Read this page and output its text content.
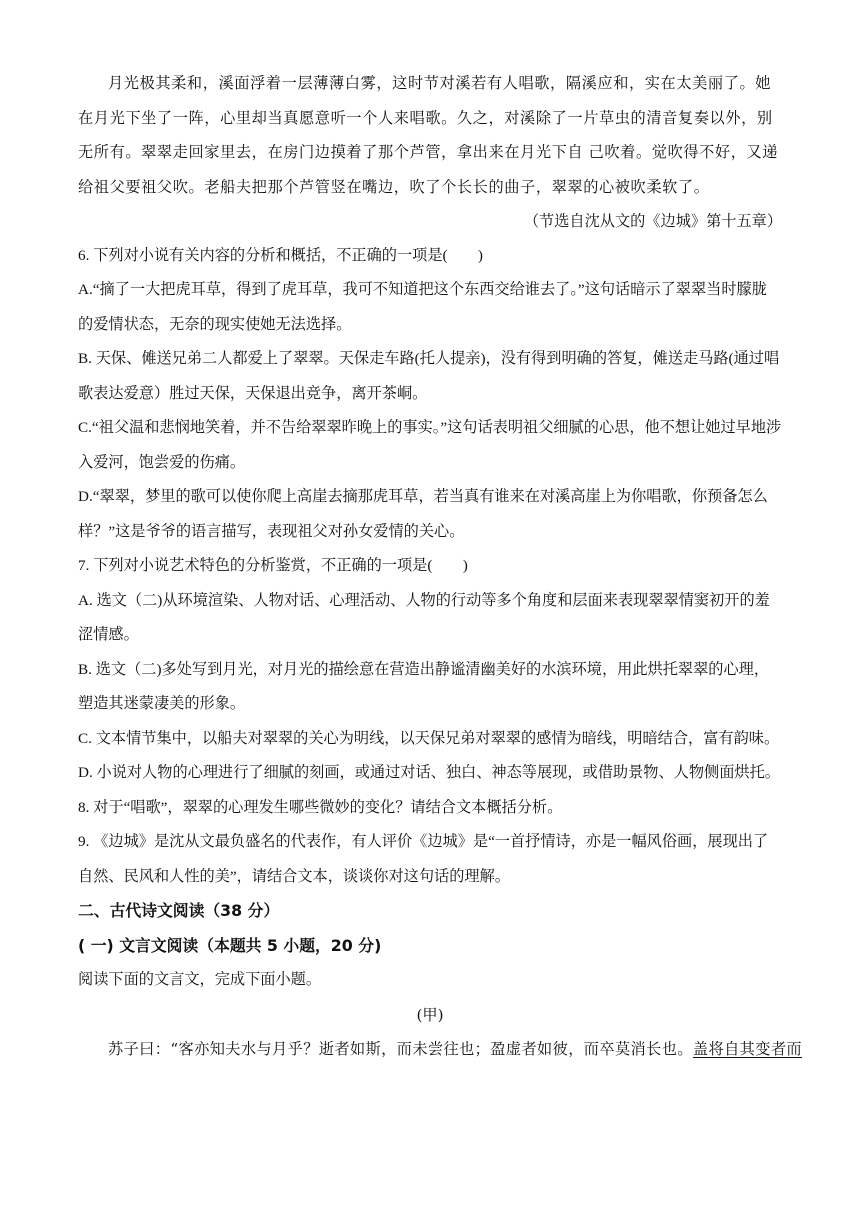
月光极其柔和，溪面浮着一层薄薄白雾，这时节对溪若有人唱歌，隔溪应和，实在太美丽了。她在月光下坐了一阵，心里却当真愿意听一个人来唱歌。久之，对溪除了一片草虫的清音复奏以外，别无所有。翠翠走回家里去，在房门边摸着了那个芦管，拿出来在月光下自 己吹着。觉吹得不好，又递给祖父要祖父吹。老船夫把那个芦管竖在嘴边，吹了个长长的曲子，翠翠的心被吹柔软了。

（节选自沈从文的《边城》第十五章）

6. 下列对小说有关内容的分析和概括，不正确的一项是(　　)

A.“摘了一大把虎耳草，得到了虎耳草，我可不知道把这个东西交给谁去了。”这句话暗示了翠翠当时朦胧的爱情状态，无奈的现实使她无法选择。

B. 天保、傩送兄弟二人都爱上了翠翠。天保走车路(托人提亲)，没有得到明确的答复，傩送走马路(通过唱歌表达爱意）胜过天保，天保退出竞争，离开茶峒。

C.“祖父温和悲悯地笑着，并不告给翠翠昨晚上的事实。”这句话表明祖父细腻的心思，他不想让她过早地涉入爱河，饱尝爱的伤痛。

D.“翠翠，梦里的歌可以使你爬上高崖去摘那虎耳草，若当真有谁来在对溪高崖上为你唱歌，你预备怎么样？”这是爷爷的语言描写，表现祖父对孙女爱情的关心。

7. 下列对小说艺术特色的分析鉴赏，不正确的一项是(　　)

A. 选文（二)从环境渲染、人物对话、心理活动、人物的行动等多个角度和层面来表现翠翠情窦初开的羞涩情感。

B. 选文（二)多处写到月光，对月光的描绘意在营造出静谧清幽美好的水滨环境，用此烘托翠翠的心理，塑造其迷蒙凄美的形象。

C. 文本情节集中，以船夫对翠翠的关心为明线，以天保兄弟对翠翠的感情为暗线，明暗结合，富有韵味。

D. 小说对人物的心理进行了细腻的刻画，或通过对话、独白、神态等展现，或借助景物、人物侧面烘托。

8. 对于“唱歌”，翠翠的心理发生哪些微妙的变化？请结合文本概括分析。

9. 《边城》是沈从文最负盛名的代表作，有人评价《边城》是“一首抒情诗，亦是一幅风俗画，展现出了自然、民风和人性的美”，请结合文本，谈谈你对这句话的理解。

二、古代诗文阅读（38 分）

( 一) 文言文阅读（本题共 5 小题，20 分)

阅读下面的文言文，完成下面小题。

(甲)

苏子曰：“客亦知夫水与月乎？逝者如斯，而未尝往也；盈虚者如彼，而卒莫消长也。盖将自其变者而
